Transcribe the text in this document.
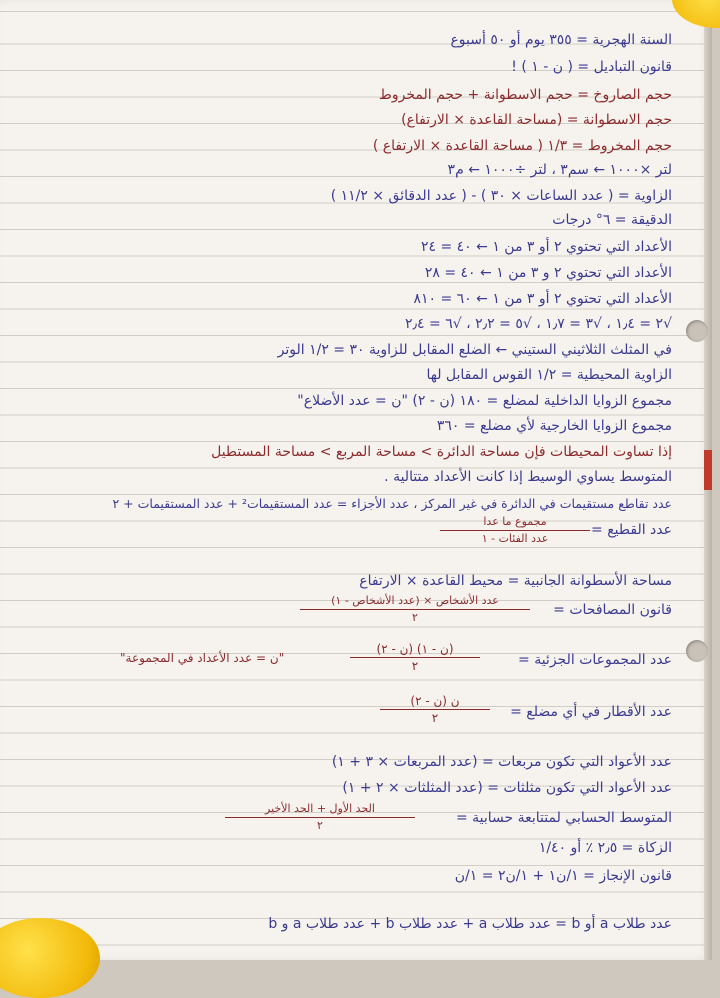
السنة الهجرية = ٣٥٥ يوم أو ٥٠ أسبوع
قانون التباديل = ( ن - ١ ) !
حجم الصاروخ = حجم الاسطوانة + حجم المخروط
حجم الاسطوانة = (مساحة القاعدة × الارتفاع)
حجم المخروط = ١/٣ ( مساحة القاعدة × الارتفاع )
لتر ×١٠٠٠ ← سم٣ ، لتر ÷١٠٠٠ ← م٣
الزاوية = ( عدد الساعات × ٣٠ ) - ( عدد الدقائق × ١١/٢ )
الدقيقة = ٦° درجات
الأعداد التي تحتوي ٢ أو ٣ من ١ ← ٤٠ = ٢٤
الأعداد التي تحتوي ٢ و ٣ من ١ ← ٤٠ = ٢٨
الأعداد التي تحتوي ٢ أو ٣ من ١ ← ٦٠ = ٨١٠
√٢ = ١٫٤ ، √٣ = ١٫٧ ، √٥ = ٢٫٢ ، √٦ = ٢٫٤
في المثلث الثلاثيني الستيني ← الضلع المقابل للزاوية ٣٠ = ١/٢ الوتر
الزاوية المحيطية = ١/٢ القوس المقابل لها
مجموع الزوايا الداخلية لمضلع = ١٨٠ (ن - ٢) "ن = عدد الأضلاع"
مجموع الزوايا الخارجية لأي مضلع = ٣٦٠
إذا تساوت المحيطات فإن مساحة الدائرة > مساحة المربع > مساحة المستطيل
المتوسط يساوي الوسيط إذا كانت الأعداد متتالية .
عدد تقاطع مستقيمات في الدائرة في غير المركز ، عدد الأجزاء = عدد المستقيمات² + عدد المستقيمات + ٢
عدد القطيع =
مجموع ما عدا
عدد الفئات - ١
مساحة الأسطوانة الجانبية = محيط القاعدة × الارتفاع
قانون المصافحات =
عدد الأشخاص × (عدد الأشخاص - ١)
٢
عدد المجموعات الجزئية =
(ن - ١) (ن - ٢)
٢
"ن = عدد الأعداد في المجموعة"
عدد الأقطار في أي مضلع =
ن (ن - ٢)
٢
عدد الأعواد التي تكون مربعات = (عدد المربعات × ٣ + ١)
عدد الأعواد التي تكون مثلثات = (عدد المثلثات × ٢ + ١)
المتوسط الحسابي لمتتابعة حسابية =
الحد الأول + الحد الأخير
٢
الزكاة = ٢٫٥ ٪ أو ١/٤٠
قانون الإنجاز = ١/ن١ + ١/ن٢ = ١/ن
عدد طلاب a أو b = عدد طلاب a + عدد طلاب b + عدد طلاب a و b
